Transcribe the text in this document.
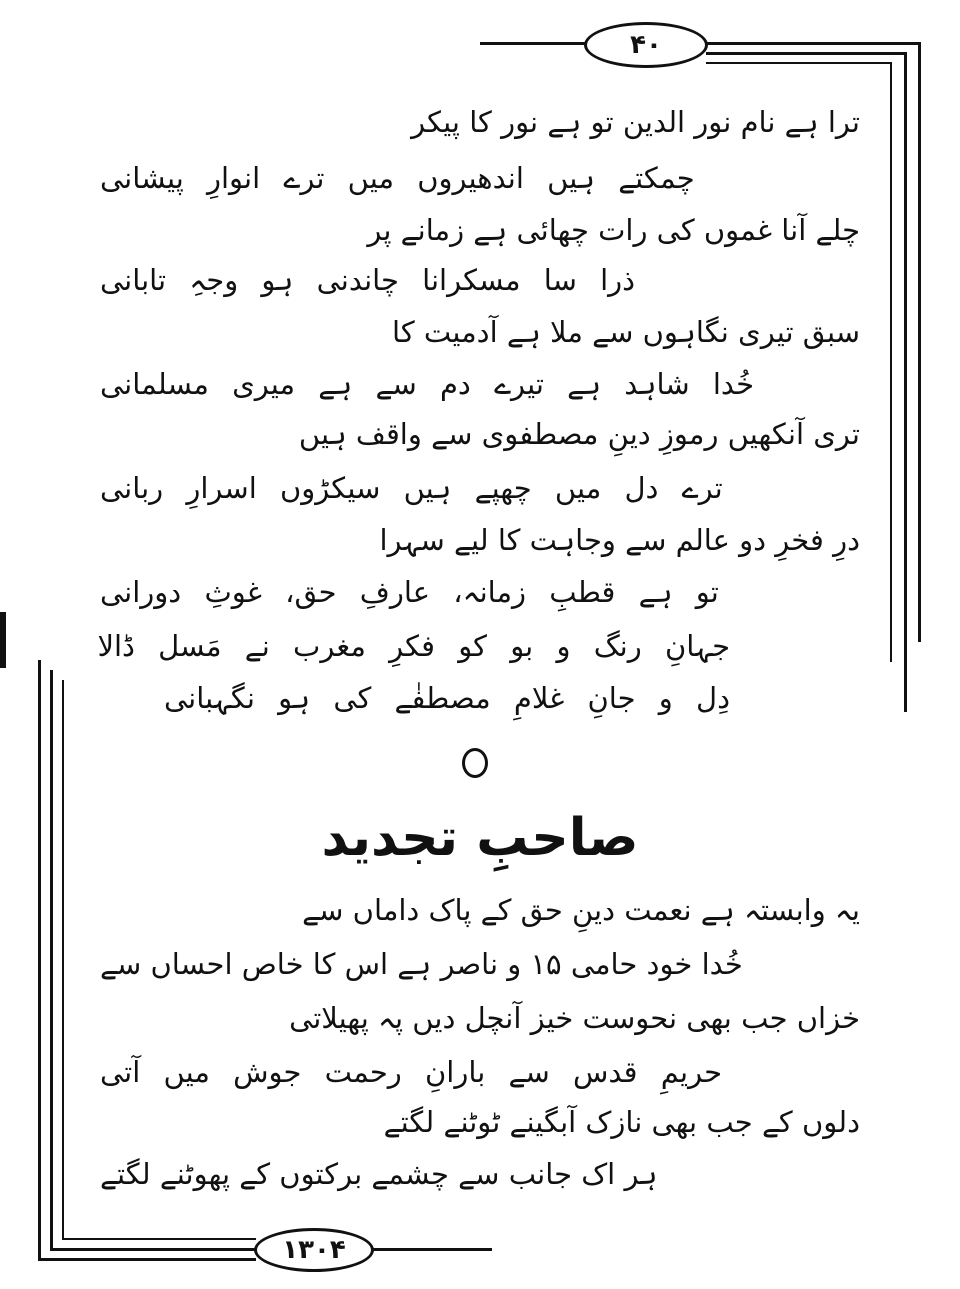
۴۰
۱۳۰۴
ترا ہے نام نور الدین تو ہے نور کا پیکر
چمکتے ہیں اندھیروں میں ترے انوارِ پیشانی
چلے آنا غموں کی رات چھائی ہے زمانے پر
ذرا سا مسکرانا چاندنی ہو وجہِ تابانی
سبق تیری نگاہوں سے ملا ہے آدمیت کا
خُدا شاہد ہے تیرے دم سے ہے میری مسلمانی
تری آنکھیں رموزِ دینِ مصطفوی سے واقف ہیں
ترے دل میں چھپے ہیں سیکڑوں اسرارِ ربانی
درِ فخرِ دو عالم سے وجاہت کا لیے سہرا
تو ہے قطبِ زمانہ، عارفِ حق، غوثِ دورانی
جہانِ رنگ و بو کو فکرِ مغرب نے مَسل ڈالا
دِل و جانِ غلامِ مصطفٰے کی ہو نگہبانی
صاحبِ تجدید
یہ وابستہ ہے نعمت دینِ حق کے پاک داماں سے
خُدا خود حامی ۱۵ و ناصر ہے اس کا خاص احساں سے
خزاں جب بھی نحوست خیز آنچل دیں پہ پھیلاتی
حریمِ قدس سے بارانِ رحمت جوش میں آتی
دلوں کے جب بھی نازک آبگینے ٹوٹنے لگتے
ہر اک جانب سے چشمے برکتوں کے پھوٹنے لگتے
